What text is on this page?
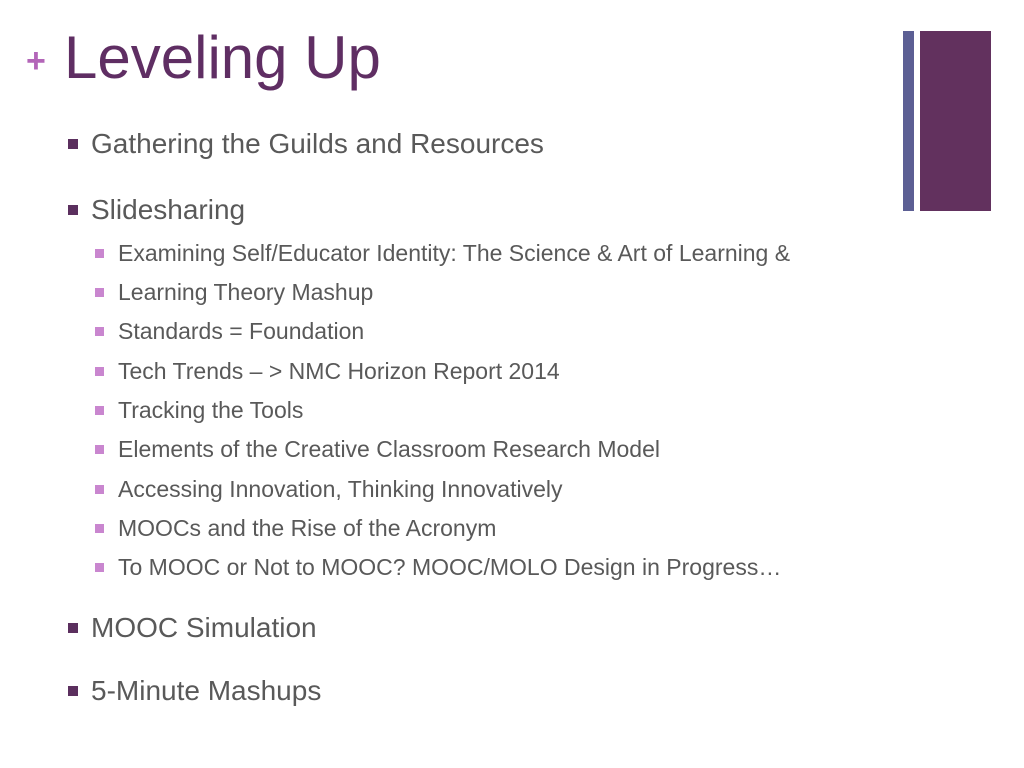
+ Leveling Up
Gathering the Guilds and Resources
Slidesharing
Examining Self/Educator Identity: The Science & Art of Learning &
Learning Theory Mashup
Standards = Foundation
Tech Trends – > NMC Horizon Report 2014
Tracking the Tools
Elements of the Creative Classroom Research Model
Accessing Innovation, Thinking Innovatively
MOOCs and the Rise of the Acronym
To MOOC or Not to MOOC? MOOC/MOLO Design in Progress…
MOOC Simulation
5-Minute Mashups
